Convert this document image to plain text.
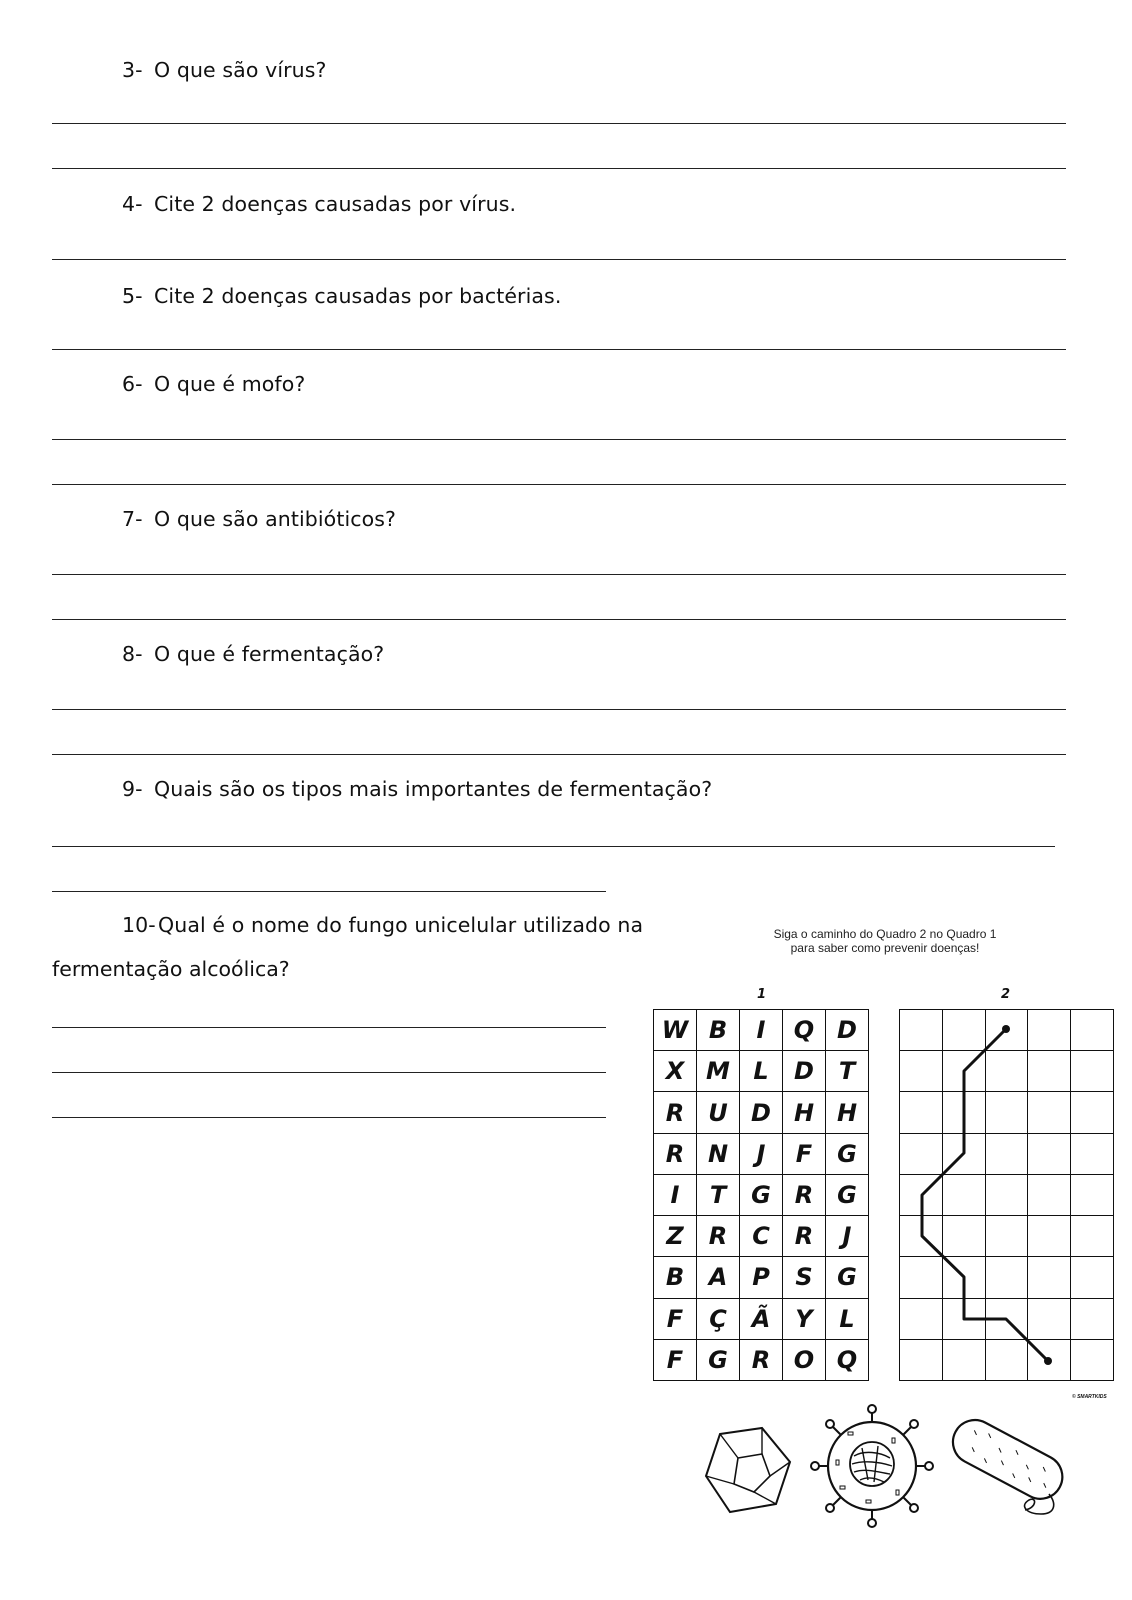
3- O que são vírus?
4- Cite 2 doenças causadas por vírus.
5- Cite 2 doenças causadas por bactérias.
6- O que é mofo?
7- O que são antibióticos?
8- O que é fermentação?
9- Quais são os tipos mais importantes de fermentação?
10- Qual é o nome do fungo unicelular utilizado na
fermentação alcoólica?
Siga o caminho do Quadro 2 no Quadro 1
para saber como prevenir doenças!
1	2
W	B	I	Q	D
X	M	L	D	T
R	U	D	H	H
R	N	J	F	G
I	T	G	R	G
Z	R	C	R	J
B	A	P	S	G
F	Ç	Ã	Y	L
F	G	R	O	Q

© SMARTKIDS
